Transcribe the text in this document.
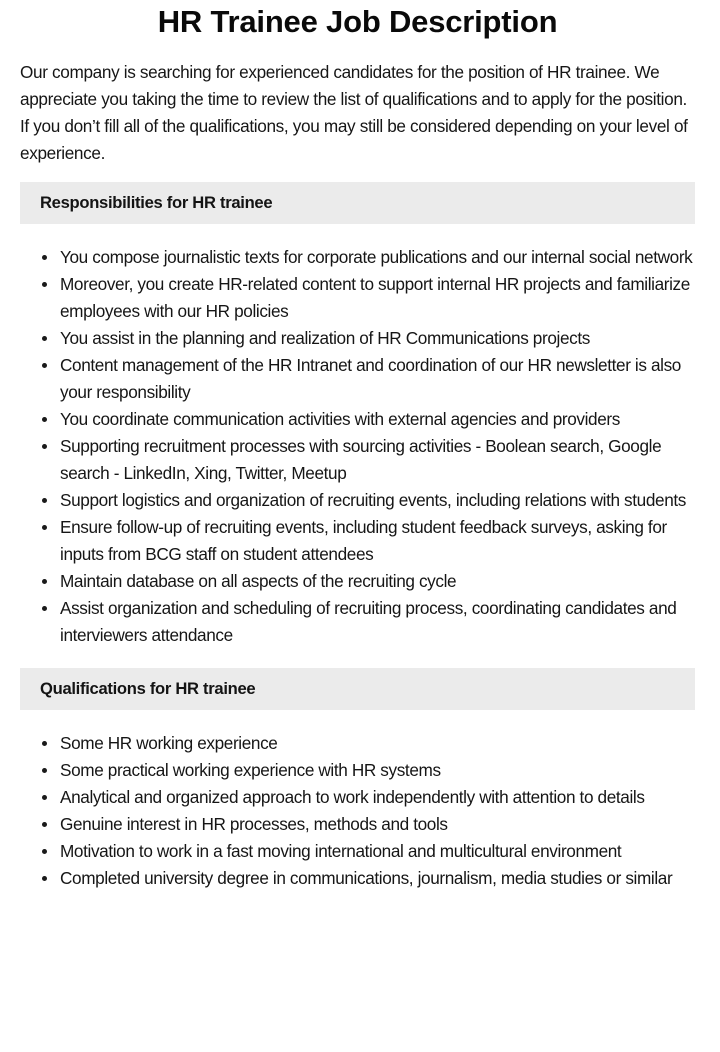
HR Trainee Job Description

Our company is searching for experienced candidates for the position of HR trainee. We appreciate you taking the time to review the list of qualifications and to apply for the position. If you don’t fill all of the qualifications, you may still be considered depending on your level of experience.

Responsibilities for HR trainee
You compose journalistic texts for corporate publications and our internal social network
Moreover, you create HR-related content to support internal HR projects and familiarize employees with our HR policies
You assist in the planning and realization of HR Communications projects
Content management of the HR Intranet and coordination of our HR newsletter is also your responsibility
You coordinate communication activities with external agencies and providers
Supporting recruitment processes with sourcing activities - Boolean search, Google search - LinkedIn, Xing, Twitter, Meetup
Support logistics and organization of recruiting events, including relations with students
Ensure follow-up of recruiting events, including student feedback surveys, asking for inputs from BCG staff on student attendees
Maintain database on all aspects of the recruiting cycle
Assist organization and scheduling of recruiting process, coordinating candidates and interviewers attendance
Qualifications for HR trainee
Some HR working experience
Some practical working experience with HR systems
Analytical and organized approach to work independently with attention to details
Genuine interest in HR processes, methods and tools
Motivation to work in a fast moving international and multicultural environment
Completed university degree in communications, journalism, media studies or similar
